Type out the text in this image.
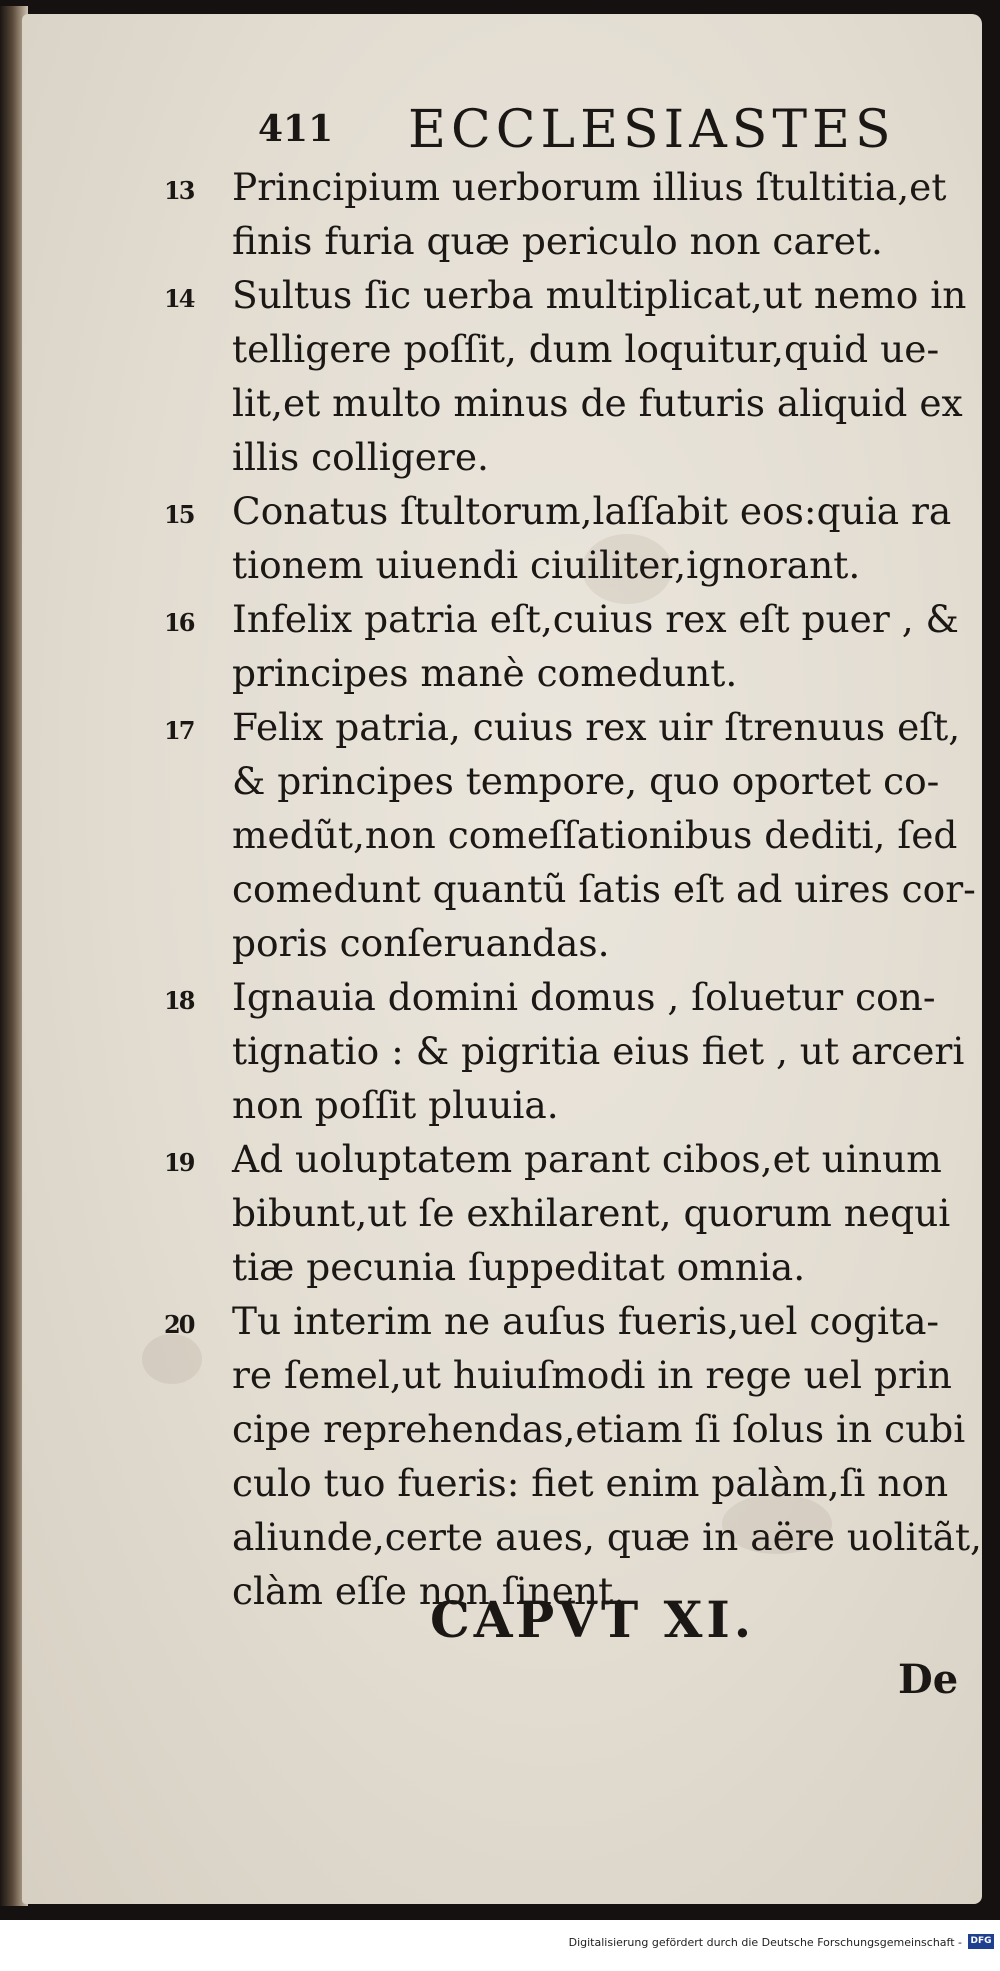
411 ECCLESIASTES
13	Principium uerborum illius ſtultitia,et
finis furia quæ periculo non caret.
14	Sultus ſic uerba multiplicat,ut nemo in
telligere poſſit, dum loquitur,quid ue-
lit,et multo minus de futuris aliquid ex
illis colligere.
15	Conatus ſtultorum,laſſabit eos:quia ra
tionem uiuendi ciuiliter,ignorant.
16	Infelix patria eſt,cuius rex eſt puer , &
principes manè comedunt.
17	Felix patria, cuius rex uir ſtrenuus eſt,
& principes tempore, quo oportet co-
medũt,non comeſſationibus dediti, ſed
comedunt quantũ ſatis eſt ad uires cor-
poris conſeruandas.
18	Ignauia domini domus , ſoluetur con-
tignatio : & pigritia eius fiet , ut arceri
non poſſit pluuia.
19	Ad uoluptatem parant cibos,et uinum
bibunt,ut ſe exhilarent, quorum nequi
tiæ pecunia ſuppeditat omnia.
20	Tu interim ne auſus fueris,uel cogita-
re ſemel,ut huiuſmodi in rege uel prin
cipe reprehendas,etiam ſi ſolus in cubi
culo tuo fueris: fiet enim palàm,ſi non
aliunde,certe aues, quæ in aëre uolitãt,
clàm eſſe non ſinent.
CAPVT XI.
De
Digitalisierung gefördert durch die Deutsche Forschungsgemeinschaft - DFG
